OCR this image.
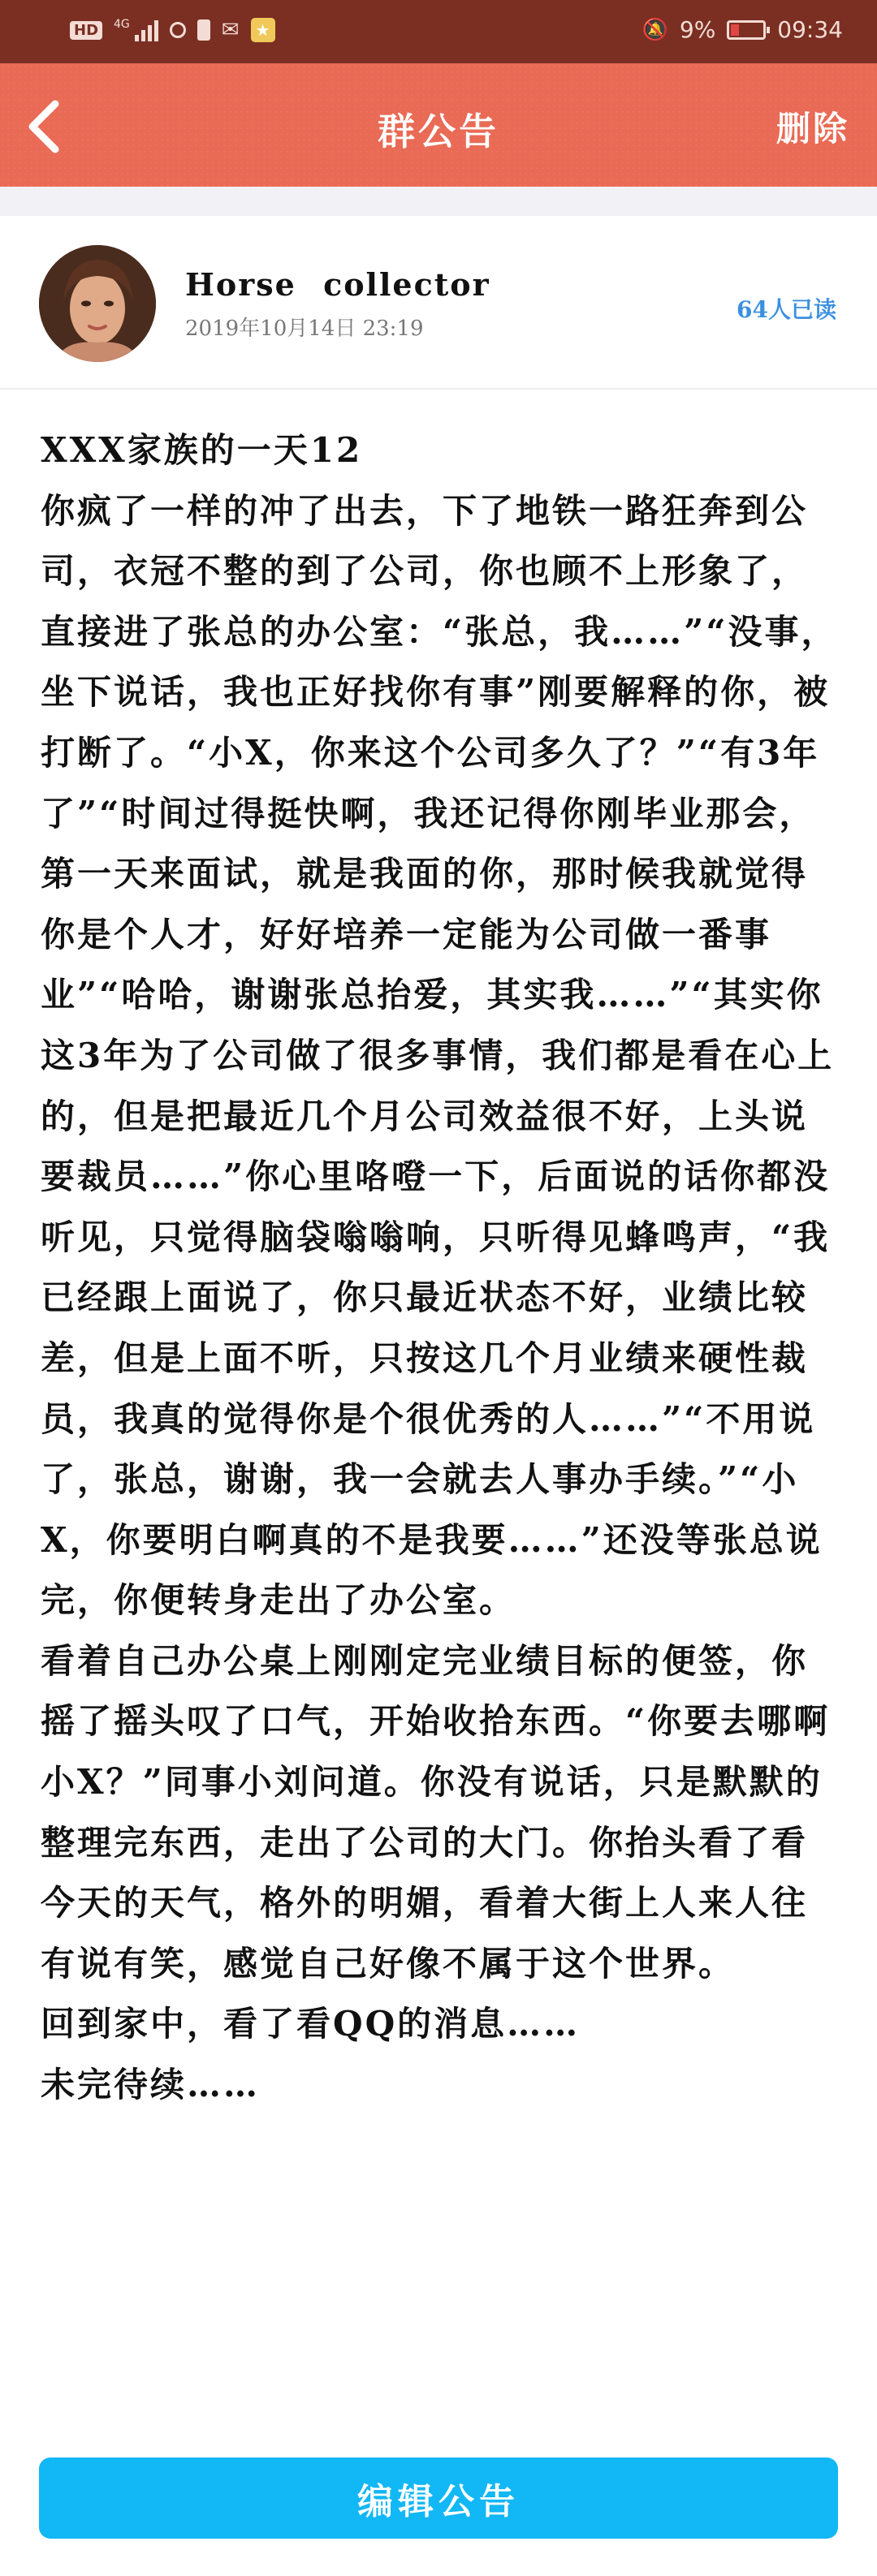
HD	4G	✉	★	🔕 9%	09:34
群公告	删除
Horse collector
2019年10月14日 23:19
64人已读

XXX家族的一天12

你疯了一样的冲了出去，下了地铁一路狂奔到公司，衣冠不整的到了公司，你也顾不上形象了，直接进了张总的办公室：“张总，我……”“没事，坐下说话，我也正好找你有事”刚要解释的你，被打断了。“小X，你来这个公司多久了？”“有3年了”“时间过得挺快啊，我还记得你刚毕业那会，第一天来面试，就是我面的你，那时候我就觉得你是个人才，好好培养一定能为公司做一番事业”“哈哈，谢谢张总抬爱，其实我……”“其实你这3年为了公司做了很多事情，我们都是看在心上的，但是把最近几个月公司效益很不好，上头说要裁员……”你心里咯噔一下，后面说的话你都没听见，只觉得脑袋嗡嗡响，只听得见蜂鸣声，“我已经跟上面说了，你只最近状态不好，业绩比较差，但是上面不听，只按这几个月业绩来硬性裁员，我真的觉得你是个很优秀的人……”“不用说了，张总，谢谢，我一会就去人事办手续。”“小X，你要明白啊真的不是我要……”还没等张总说完，你便转身走出了办公室。

看着自己办公桌上刚刚定完业绩目标的便签，你摇了摇头叹了口气，开始收拾东西。“你要去哪啊小X？”同事小刘问道。你没有说话，只是默默的整理完东西，走出了公司的大门。你抬头看了看今天的天气，格外的明媚，看着大街上人来人往有说有笑，感觉自己好像不属于这个世界。

回到家中，看了看QQ的消息……

未完待续……

编辑公告
